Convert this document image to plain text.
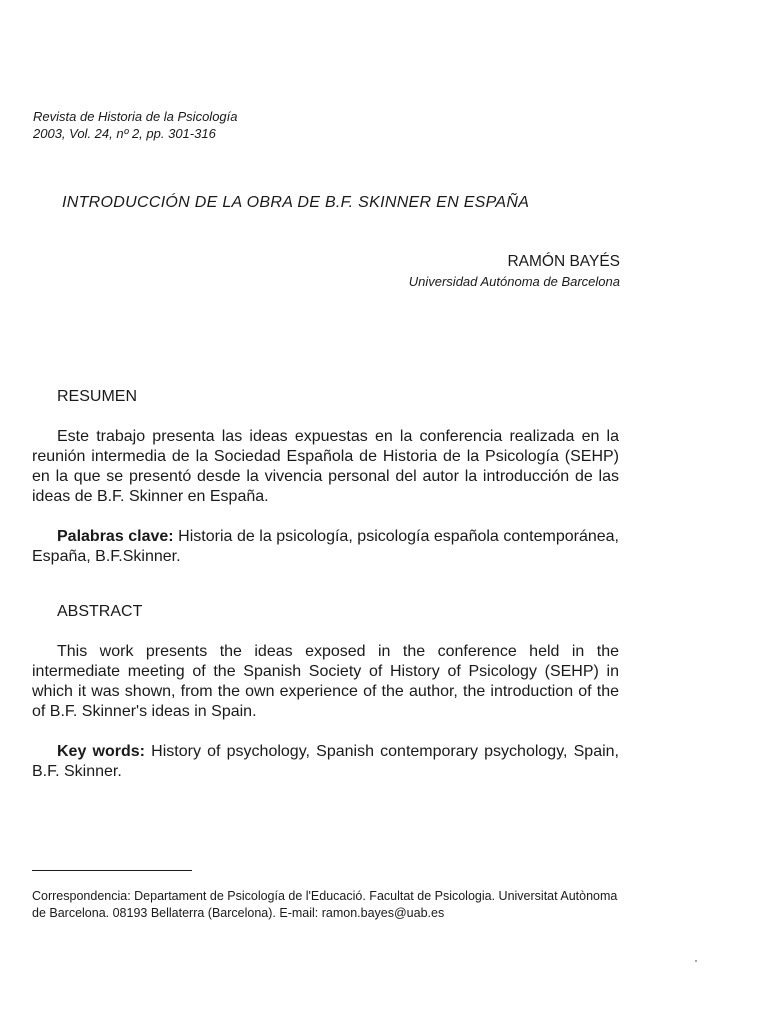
Revista de Historia de la Psicología
2003, Vol. 24, nº 2, pp. 301-316
INTRODUCCIÓN DE LA OBRA DE B.F. SKINNER EN ESPAÑA
RAMÓN BAYÉS
Universidad Autónoma de Barcelona
RESUMEN
Este trabajo presenta las ideas expuestas en la conferencia realizada en la reunión intermedia de la Sociedad Española de Historia de la Psicología (SEHP) en la que se presentó desde la vivencia personal del autor la introducción de las ideas de B.F. Skinner en España.
Palabras clave: Historia de la psicología, psicología española contemporánea, España, B.F.Skinner.
ABSTRACT
This work presents the ideas exposed in the conference held in the intermediate meeting of the Spanish Society of History of Psicology (SEHP) in which it was shown, from the own experience of the author, the introduction of the of B.F. Skinner's ideas in Spain.
Key words: History of psychology, Spanish contemporary psychology, Spain, B.F. Skinner.
Correspondencia: Departament de Psicología de l'Educació. Facultat de Psicologia. Universitat Autònoma de Barcelona. 08193 Bellaterra (Barcelona). E-mail: ramon.bayes@uab.es
